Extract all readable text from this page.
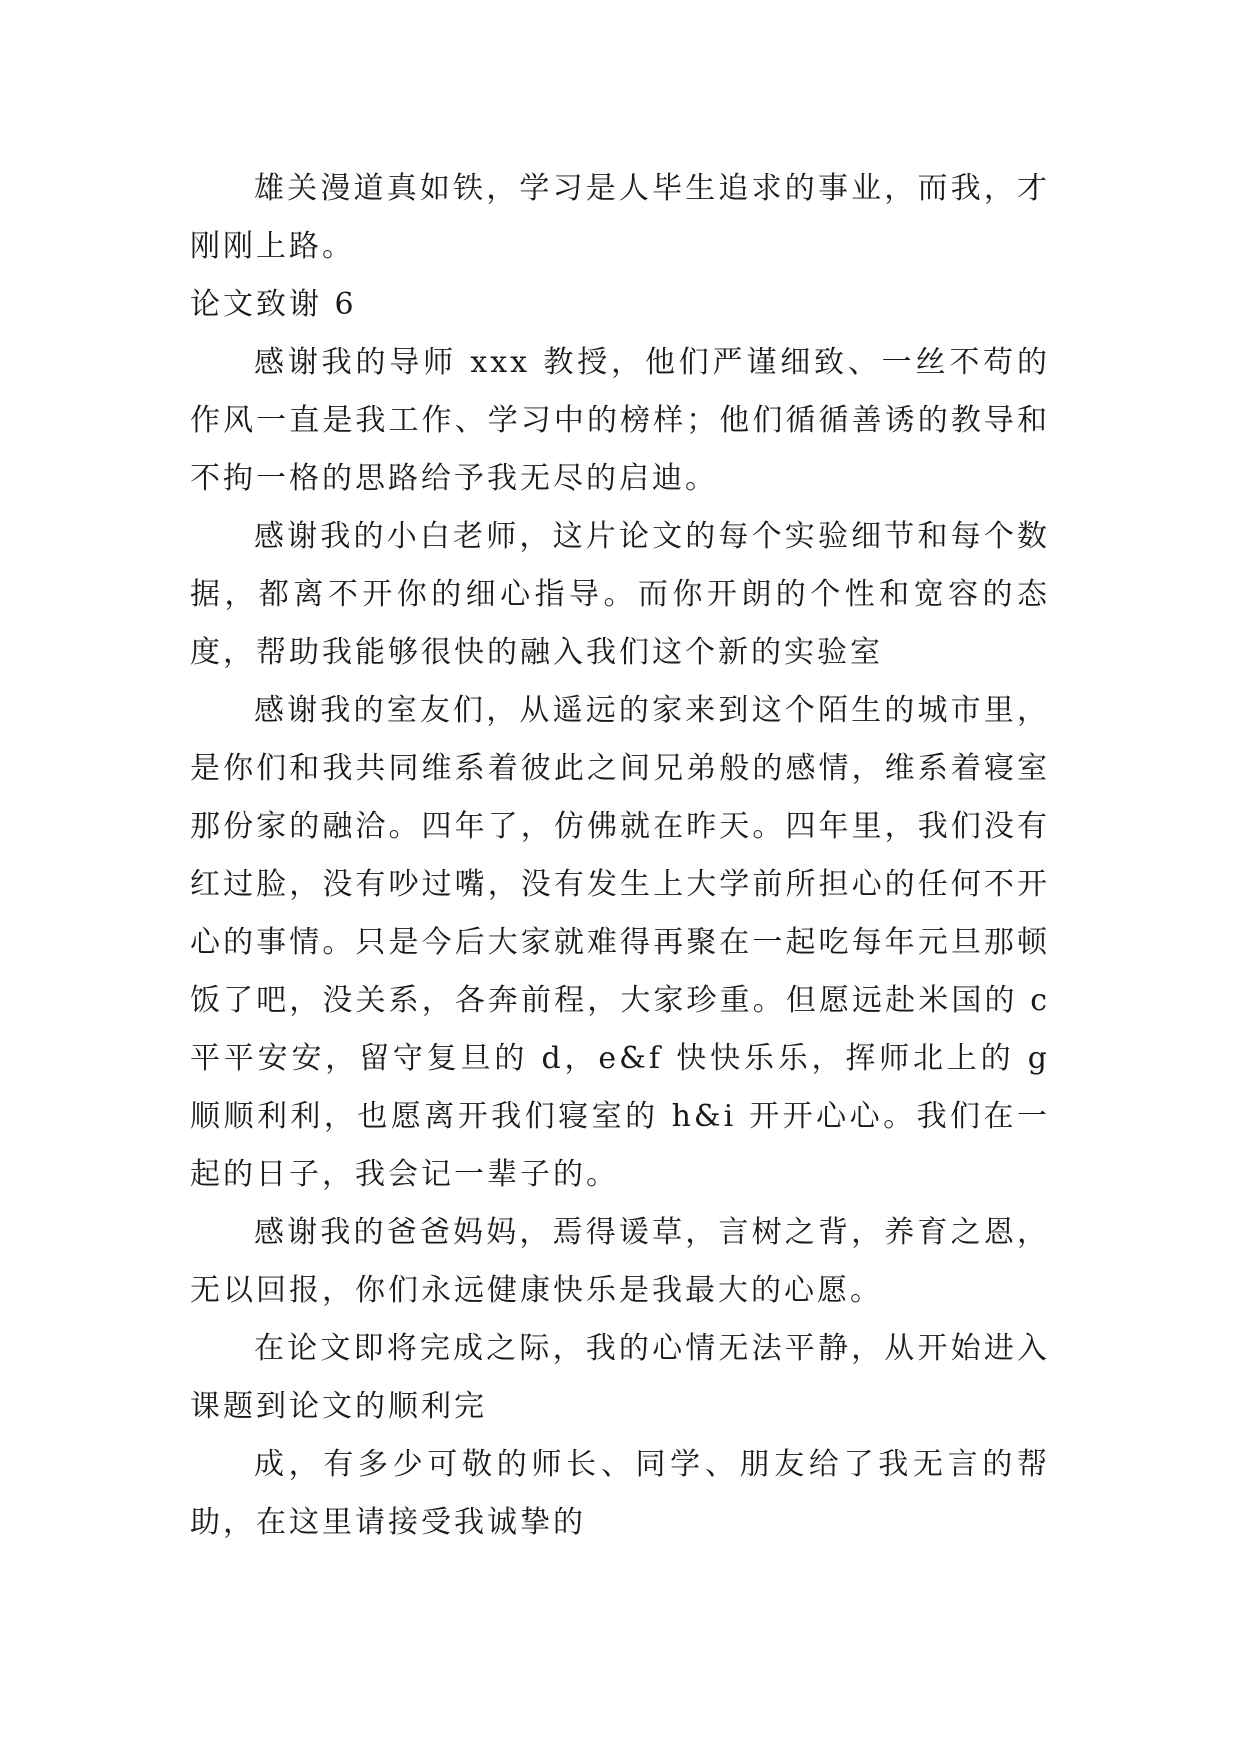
雄关漫道真如铁，学习是人毕生追求的事业，而我，才刚刚上路。

论文致谢 6

感谢我的导师 xxx 教授，他们严谨细致、一丝不苟的作风一直是我工作、学习中的榜样；他们循循善诱的教导和不拘一格的思路给予我无尽的启迪。

感谢我的小白老师，这片论文的每个实验细节和每个数据，都离不开你的细心指导。而你开朗的个性和宽容的态度，帮助我能够很快的融入我们这个新的实验室

感谢我的室友们，从遥远的家来到这个陌生的城市里，是你们和我共同维系着彼此之间兄弟般的感情，维系着寝室那份家的融洽。四年了，仿佛就在昨天。四年里，我们没有红过脸，没有吵过嘴，没有发生上大学前所担心的任何不开心的事情。只是今后大家就难得再聚在一起吃每年元旦那顿饭了吧，没关系，各奔前程，大家珍重。但愿远赴米国的 c 平平安安，留守复旦的 d，e&f 快快乐乐，挥师北上的 g 顺顺利利，也愿离开我们寝室的 h&i 开开心心。我们在一起的日子，我会记一辈子的。

感谢我的爸爸妈妈，焉得谖草，言树之背，养育之恩，无以回报，你们永远健康快乐是我最大的心愿。

在论文即将完成之际，我的心情无法平静，从开始进入课题到论文的顺利完

成，有多少可敬的师长、同学、朋友给了我无言的帮助，在这里请接受我诚挚的
